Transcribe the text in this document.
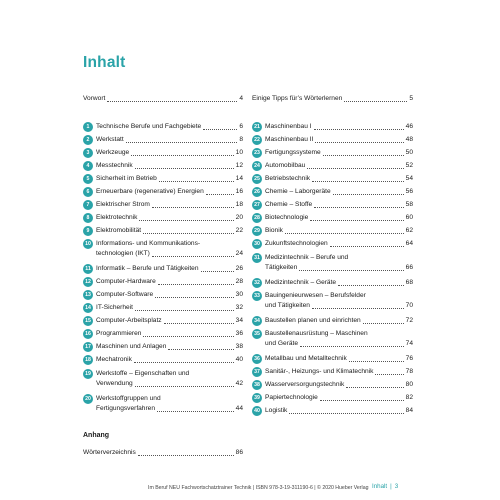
Inhalt
Vorwort	4 Einige Tipps für’s Wörterlernen	5
Anhang
Wörterverzeichnis	86
Im Beruf NEU Fachwortschatztrainer Technik | ISBN 978-3-19-311190-6 | © 2020 Hueber Verlag Inhalt | 3
1 Technische Berufe und Fachgebiete	6
2 Werkstatt	8
3 Werkzeuge	10
4 Messtechnik	12
5 Sicherheit im Betrieb	14
6 Erneuerbare (regenerative) Energien	16
7 Elektrischer Strom	18
8 Elektrotechnik	20
9 Elektromobilität	22
10 Informations- und Kommunikations-
technologien (IKT)	24
11 Informatik – Berufe und Tätigkeiten	26
12 Computer-Hardware	28
13 Computer-Software	30
14 IT-Sicherheit	32
15 Computer-Arbeitsplatz	34
16 Programmieren	36
17 Maschinen und Anlagen	38
18 Mechatronik	40
19 Werkstoffe – Eigenschaften und
Verwendung	42
20 Werkstoffgruppen und
Fertigungsverfahren	44
21 Maschinenbau I	46
22 Maschinenbau II	48
23 Fertigungssysteme	50
24 Automobilbau	52
25 Betriebstechnik	54
26 Chemie – Laborgeräte	56
27 Chemie – Stoffe	58
28 Biotechnologie	60
29 Bionik	62
30 Zukunftstechnologien	64
31 Medizintechnik – Berufe und
Tätigkeiten	66
32 Medizintechnik – Geräte	68
33 Bauingenieurwesen – Berufsfelder
und Tätigkeiten	70
34 Baustellen planen und einrichten	72
35 Baustellenausrüstung – Maschinen
und Geräte	74
36 Metallbau und Metalltechnik	76
37 Sanitär-, Heizungs- und Klimatechnik	78
38 Wasserversorgungstechnik	80
39 Papiertechnologie	82
40 Logistik	84
